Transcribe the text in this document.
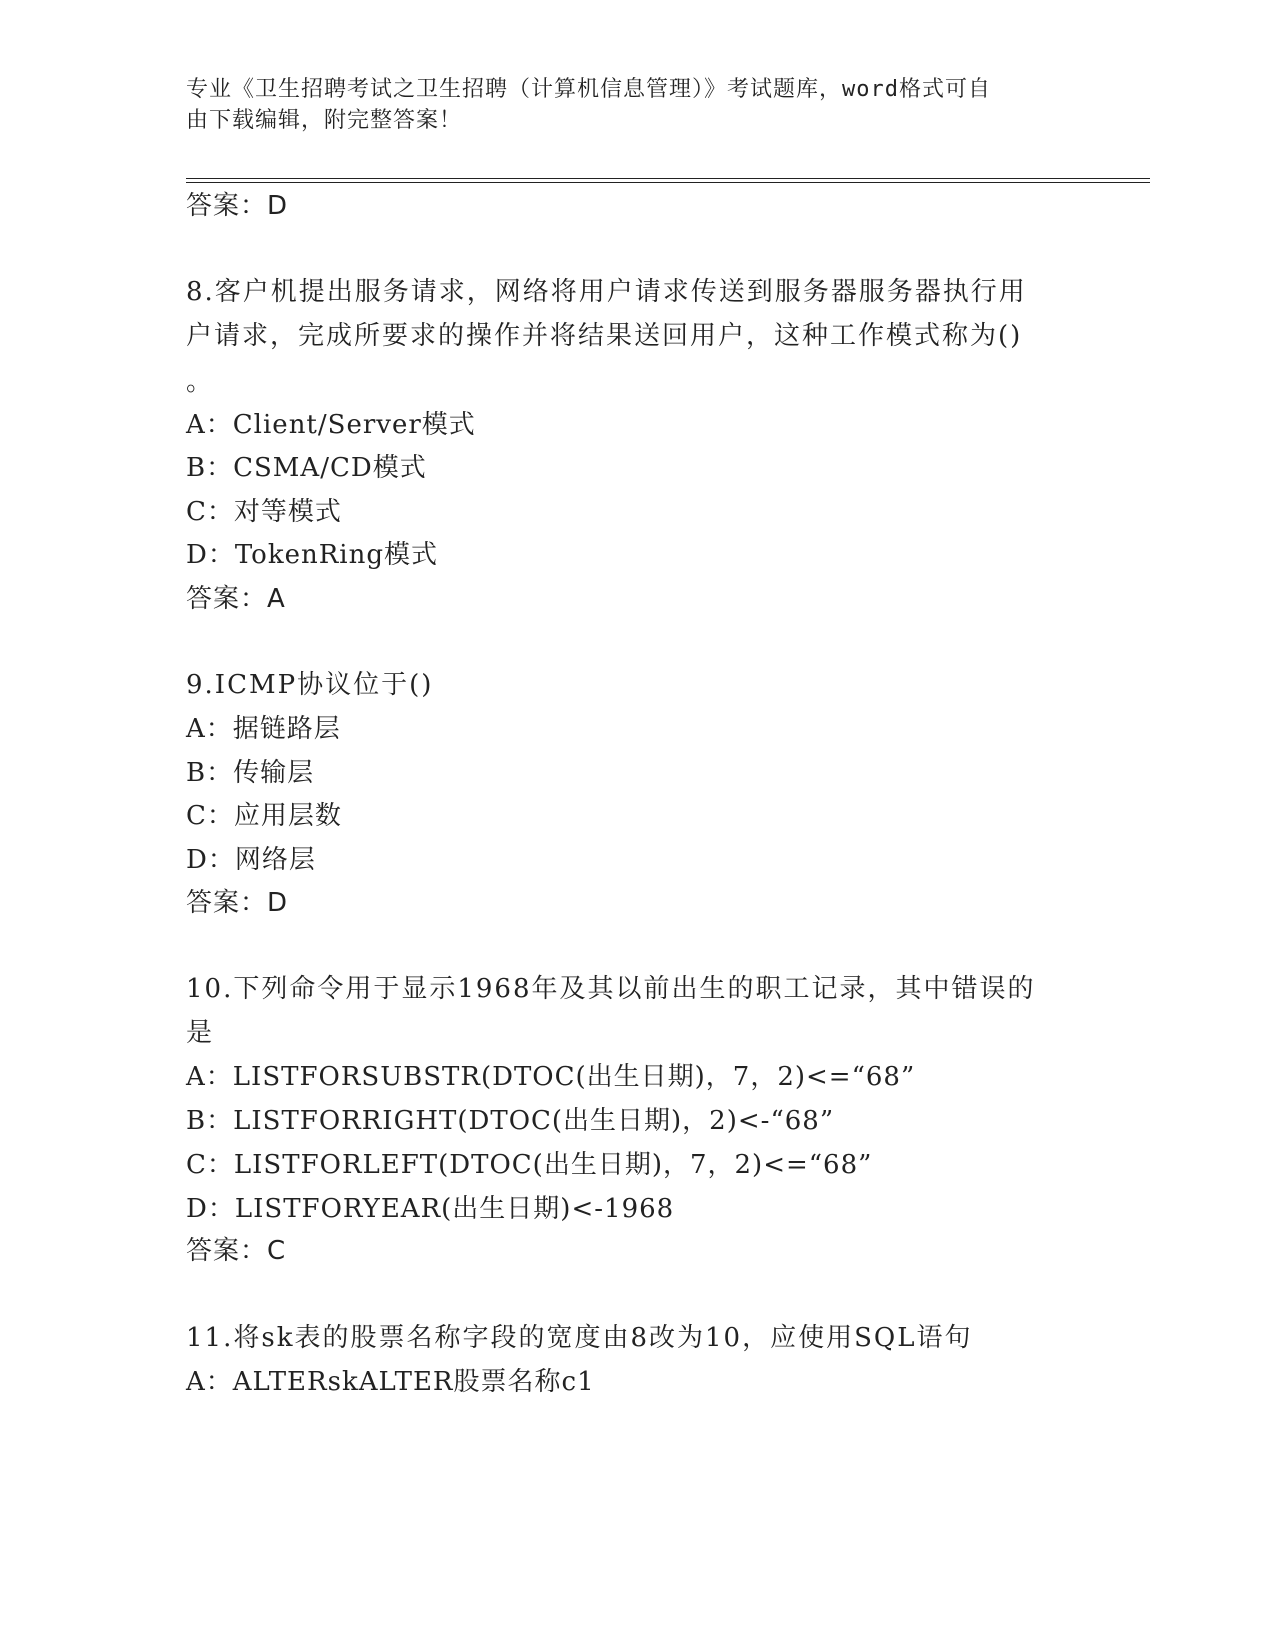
专业《卫生招聘考试之卫生招聘（计算机信息管理）》考试题库，word格式可自
由下载编辑，附完整答案！
答案：D
8.客户机提出服务请求，网络将用户请求传送到服务器服务器执行用
户请求，完成所要求的操作并将结果送回用户，这种工作模式称为()
。
A：Client/Server模式
B：CSMA/CD模式
C：对等模式
D：TokenRing模式
答案：A
9.ICMP协议位于()
A：据链路层
B：传输层
C：应用层数
D：网络层
答案：D
10.下列命令用于显示1968年及其以前出生的职工记录，其中错误的
是
A：LISTFORSUBSTR(DTOC(出生日期)，7，2)<=“68”
B：LISTFORRIGHT(DTOC(出生日期)，2)<-“68”
C：LISTFORLEFT(DTOC(出生日期)，7，2)<=“68”
D：LISTFORYEAR(出生日期)<-1968
答案：C
11.将sk表的股票名称字段的宽度由8改为10，应使用SQL语句
A：ALTERskALTER股票名称c1
